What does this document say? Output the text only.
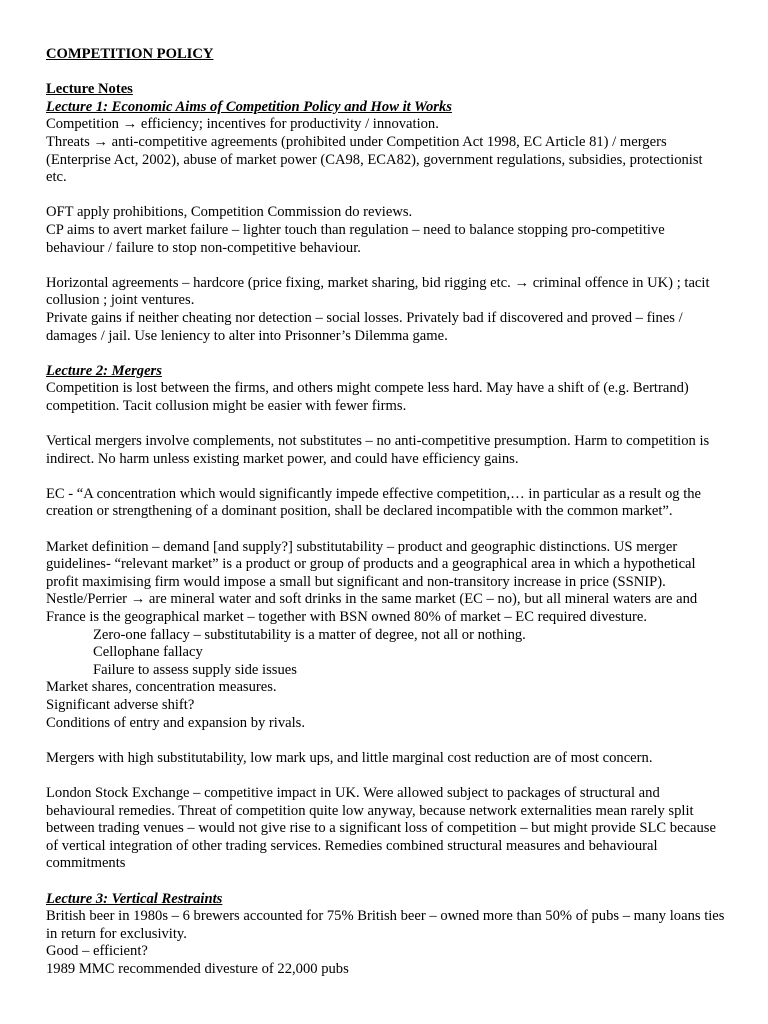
COMPETITION POLICY

Lecture Notes

Lecture 1: Economic Aims of Competition Policy and How it Works

Competition → efficiency; incentives for productivity / innovation.

Threats → anti-competitive agreements (prohibited under Competition Act 1998, EC Article 81) / mergers (Enterprise Act, 2002), abuse of market power (CA98, ECA82), government regulations, subsidies, protectionist etc.

OFT apply prohibitions, Competition Commission do reviews.

CP aims to avert market failure – lighter touch than regulation – need to balance stopping pro-competitive behaviour / failure to stop non-competitive behaviour.

Horizontal agreements – hardcore (price fixing, market sharing, bid rigging etc. → criminal offence in UK) ; tacit collusion ; joint ventures.

Private gains if neither cheating nor detection – social losses. Privately bad if discovered and proved – fines / damages / jail. Use leniency to alter into Prisonner’s Dilemma game.

Lecture 2: Mergers

Competition is lost between the firms, and others might compete less hard. May have a shift of (e.g. Bertrand) competition. Tacit collusion might be easier with fewer firms.

Vertical mergers involve complements, not substitutes – no anti-competitive presumption. Harm to competition is indirect. No harm unless existing market power, and could have efficiency gains.

EC - “A concentration which would significantly impede effective competition,… in particular as a result og the creation or strengthening of a dominant position, shall be declared incompatible with the common market”.

Market definition – demand [and supply?] substitutability – product and geographic distinctions. US merger guidelines- “relevant market” is a product or group of products and a geographical area in which a hypothetical profit maximising firm would impose a small but significant and non-transitory increase in price (SSNIP). Nestle/Perrier → are mineral water and soft drinks in the same market (EC – no), but all mineral waters are and France is the geographical market – together with BSN owned 80% of market – EC required divesture.

Zero-one fallacy – substitutability is a matter of degree, not all or nothing.

Cellophane fallacy

Failure to assess supply side issues

Market shares, concentration measures.

Significant adverse shift?

Conditions of entry and expansion by rivals.

Mergers with high substitutability, low mark ups, and little marginal cost reduction are of most concern.

London Stock Exchange – competitive impact in UK. Were allowed subject to packages of structural and behavioural remedies. Threat of competition quite low anyway, because network externalities mean rarely split between trading venues – would not give rise to a significant loss of competition – but might provide SLC because of vertical integration of other trading services. Remedies combined structural measures and behavioural commitments

Lecture 3: Vertical Restraints

British beer in 1980s – 6 brewers accounted for 75% British beer – owned more than 50% of pubs – many loans ties in return for exclusivity.

Good – efficient?

1989 MMC recommended divesture of 22,000 pubs
